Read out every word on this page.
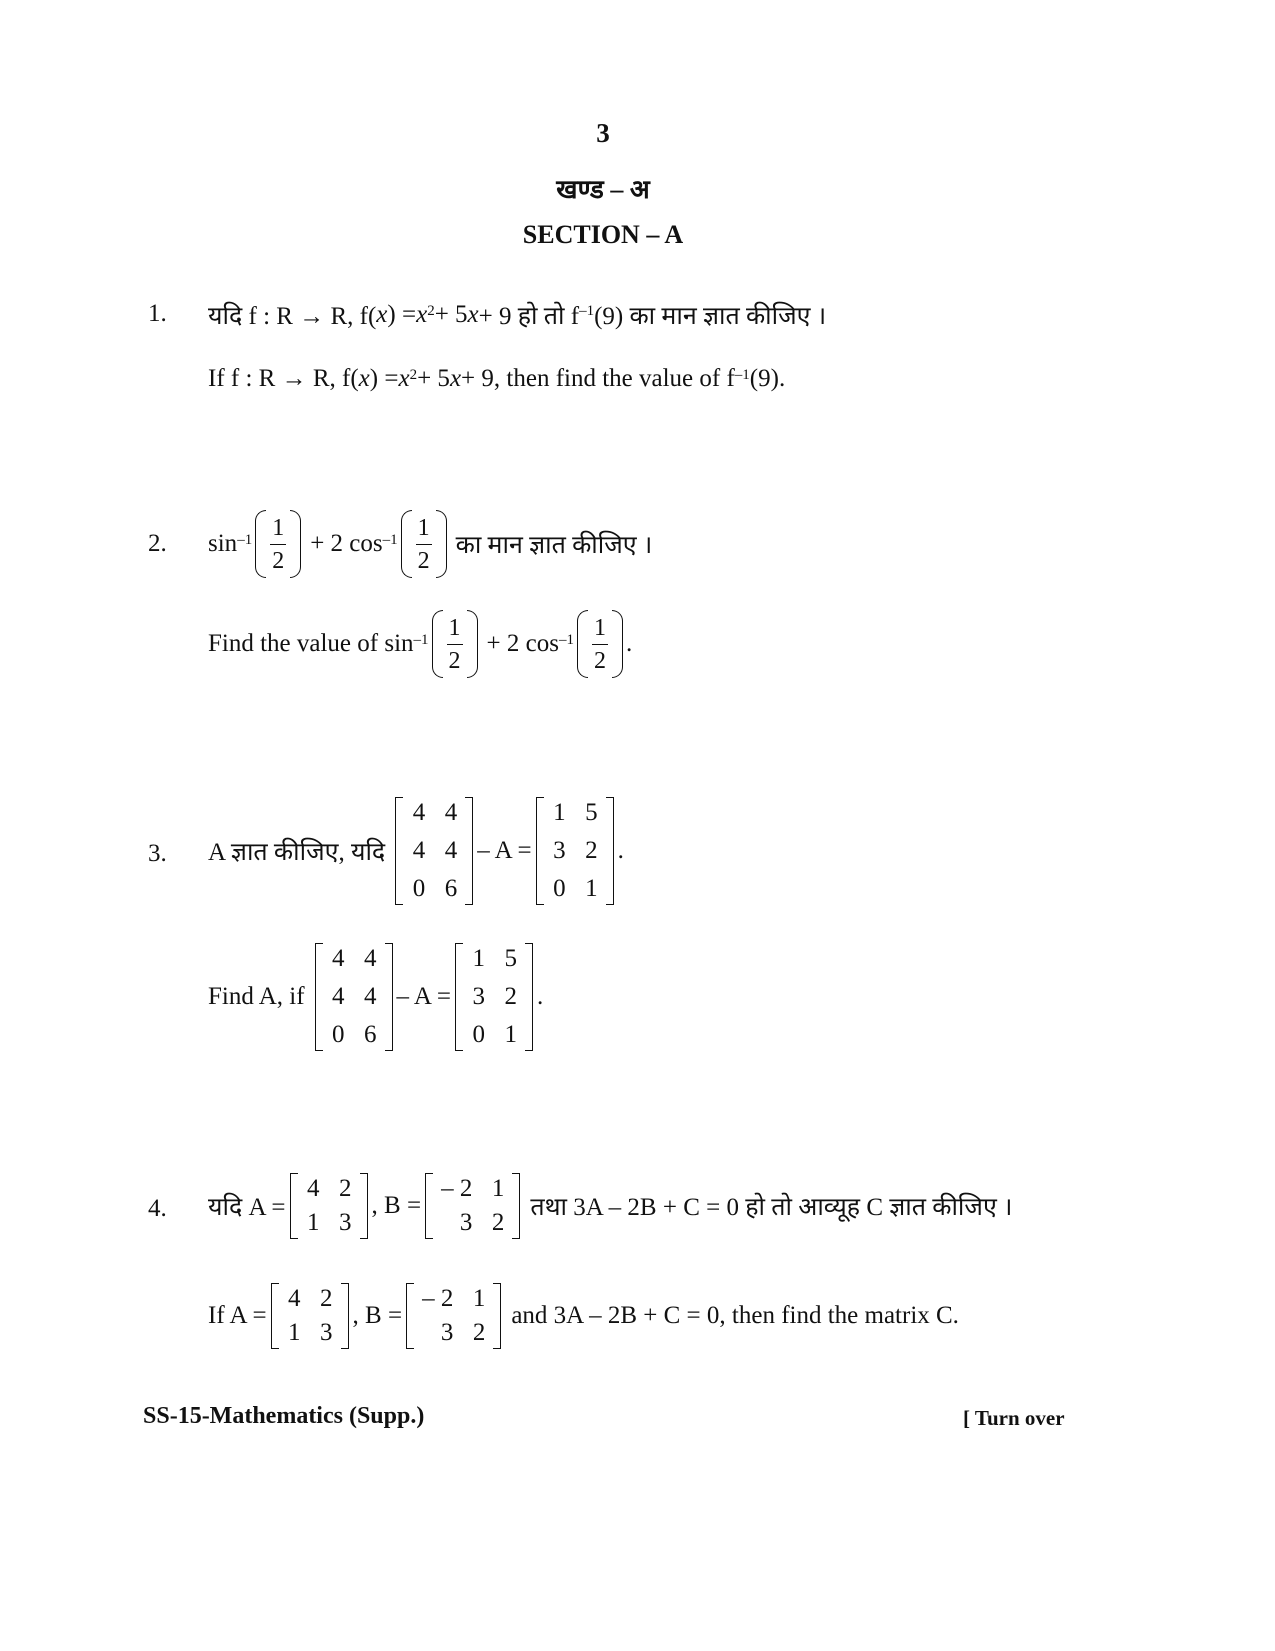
3
खण्ड – अ
SECTION – A
1. यदि f : R → R, f( x ) = $x^2 + 5$ x + 9 हो तो f $^{-1}$ (9) का मान ज्ञात कीजिए ।
If f : R → R, f( x ) = $x^2 + 5$ x + 9, then find the value of f $^{-1}$ (9).
2. $\sin^{-1} \frac{1}{2} + 2$ $\cos^{-1} \frac{1}{2}$ का मान ज्ञात कीजिए ।
Find the value of $\sin^{-1} \frac{1}{2} + 2$ $\cos^{-1} \frac{1}{2}$ .
3. A ज्ञात कीजिए, यदि
4 4
4 4
0 6
– A =
1 5
3 2
0 1
.
Find A, if
4 4
4 4
0 6
– A =
1 5
3 2
0 1
.
4. यदि A =
4 2
1 3
, B =
– 2 1
3 2
तथा 3A – 2B + C = 0 हो तो आव्यूह C ज्ञात कीजिए ।
If A =
4 2
1 3
, B =
– 2 1
3 2
and 3A – 2B + C = 0, then find the matrix C.
SS-15-Mathematics (Supp.)	[ Turn over
